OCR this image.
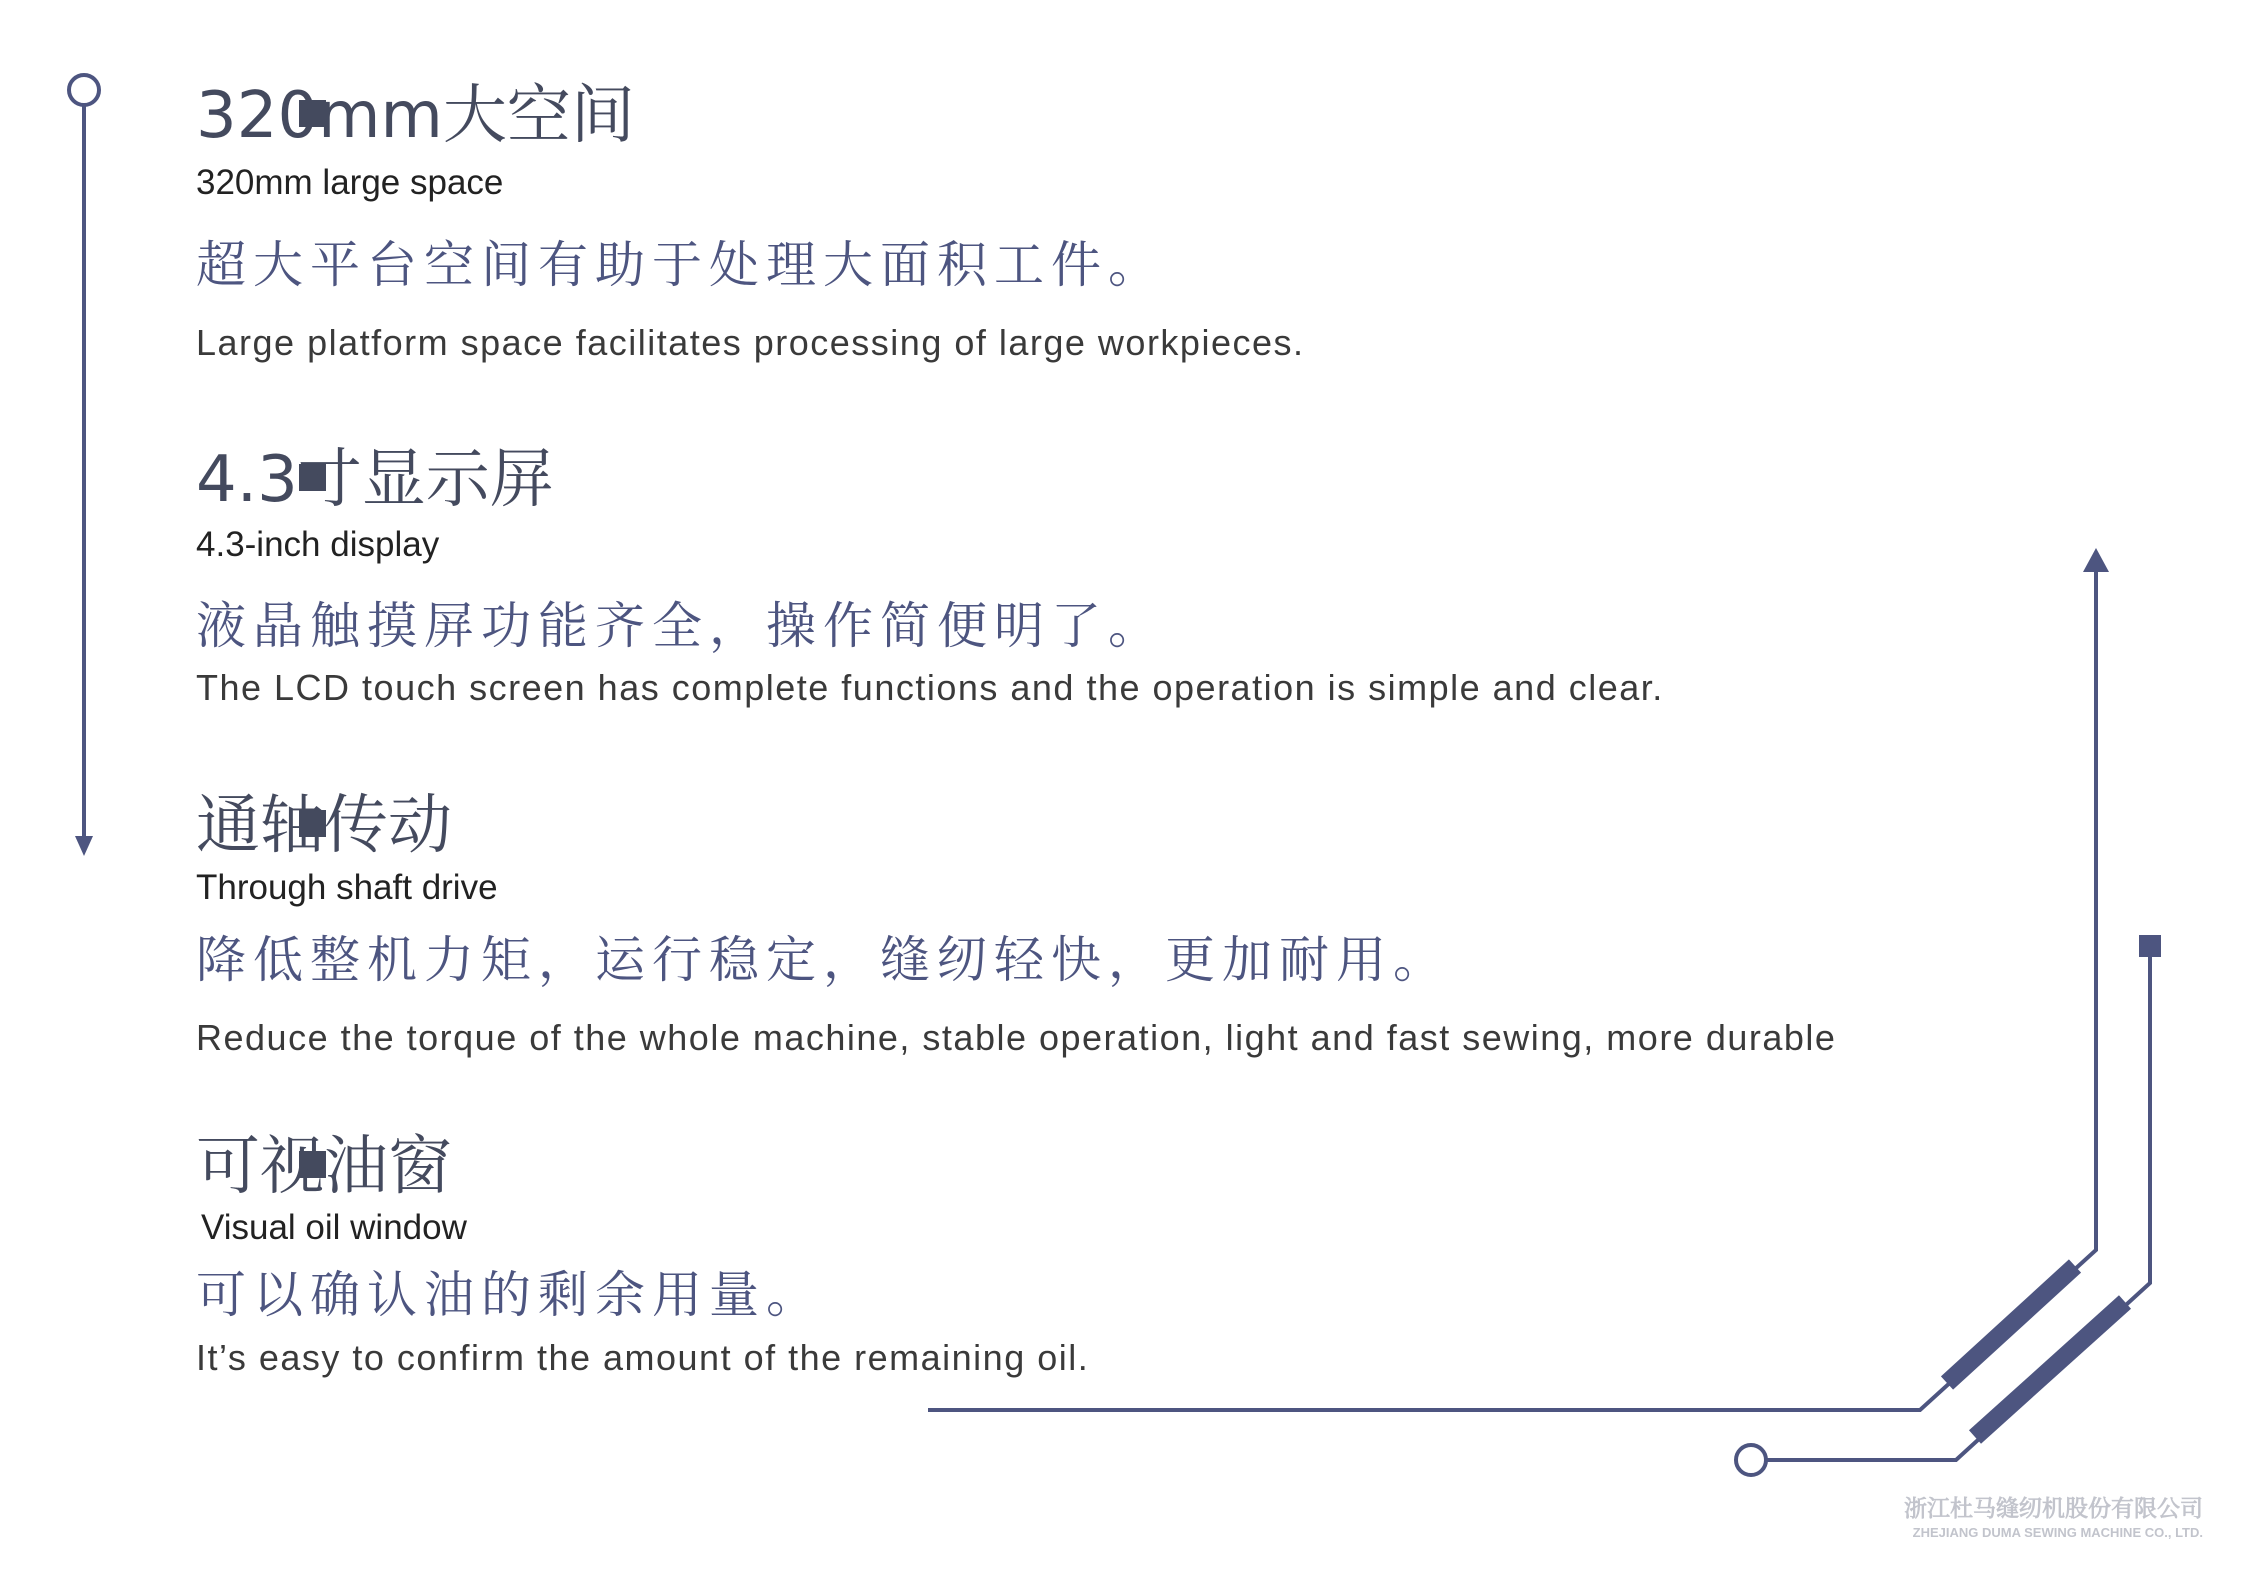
320mm大空间
320mm large space
超大平台空间有助于处理大面积工件。
Large platform space facilitates processing of large workpieces.
4.3寸显示屏
4.3-inch display
液晶触摸屏功能齐全，操作简便明了。
The LCD touch screen has complete functions and the operation is simple and clear.
通轴传动
Through shaft drive
降低整机力矩，运行稳定，缝纫轻快，更加耐用。
Reduce the torque of the whole machine, stable operation, light and fast sewing, more durable
可视油窗
Visual oil window
可以确认油的剩余用量。
It’s easy to confirm the amount of the remaining oil.
浙江杜马缝纫机股份有限公司
ZHEJIANG DUMA SEWING MACHINE CO., LTD.
